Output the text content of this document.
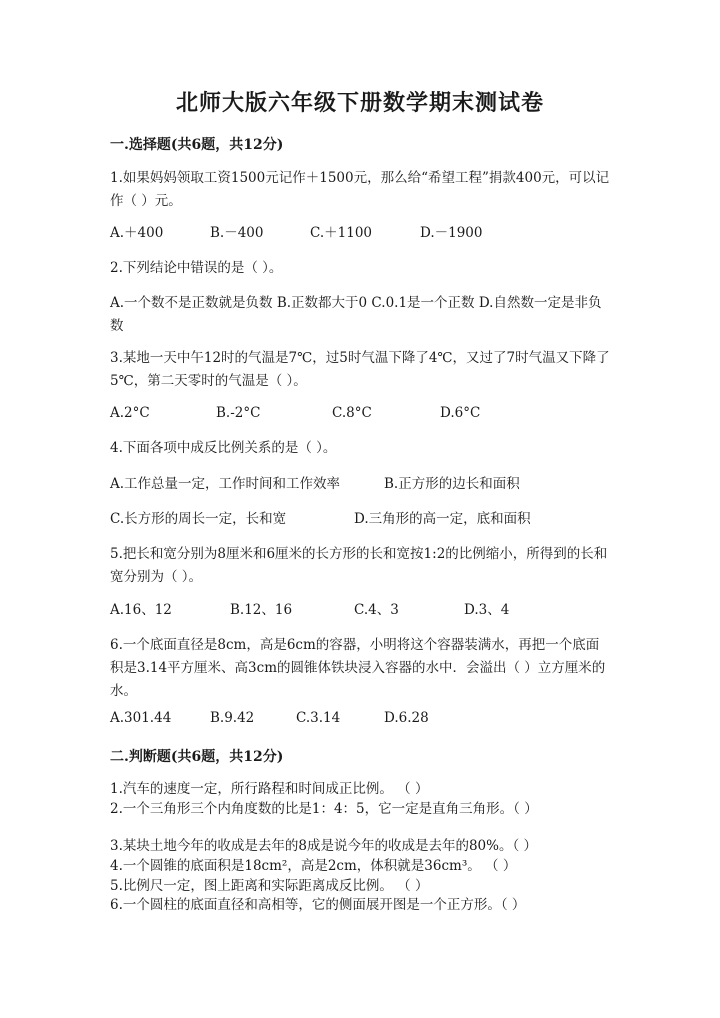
北师大版六年级下册数学期末测试卷
一.选择题(共6题，共12分)
1.如果妈妈领取工资1500元记作＋1500元，那么给“希望工程”捐款400元，可以记作（ ）元。
A.＋400	B.－400	C.＋1100	D.－1900
2.下列结论中错误的是（ ）。
A.一个数不是正数就是负数 B.正数都大于0 C.0.1是一个正数 D.自然数一定是非负数
3.某地一天中午12时的气温是7℃，过5时气温下降了4℃，又过了7时气温又下降了5℃，第二天零时的气温是（ ）。
A.2°C	B.-2°C	C.8°C	D.6°C
4.下面各项中成反比例关系的是（ ）。
A.工作总量一定，工作时间和工作效率	B.正方形的边长和面积
C.长方形的周长一定，长和宽	D.三角形的高一定，底和面积
5.把长和宽分别为8厘米和6厘米的长方形的长和宽按1:2的比例缩小，所得到的长和宽分别为（ ）。
A.16、12	B.12、16	C.4、3	D.3、4
6.一个底面直径是8cm，高是6cm的容器，小明将这个容器装满水，再把一个底面积是3.14平方厘米、高3cm的圆锥体铁块浸入容器的水中．会溢出（ ）立方厘米的水。
A.301.44	B.9.42	C.3.14	D.6.28
二.判断题(共6题，共12分)
1.汽车的速度一定，所行路程和时间成正比例。 （ ）
2.一个三角形三个内角度数的比是1：4：5，它一定是直角三角形。（ ）
3.某块土地今年的收成是去年的8成是说今年的收成是去年的80%。（ ）
4.一个圆锥的底面积是18cm²，高是2cm，体积就是36cm³。 （ ）
5.比例尺一定，图上距离和实际距离成反比例。 （ ）
6.一个圆柱的底面直径和高相等，它的侧面展开图是一个正方形。（ ）
